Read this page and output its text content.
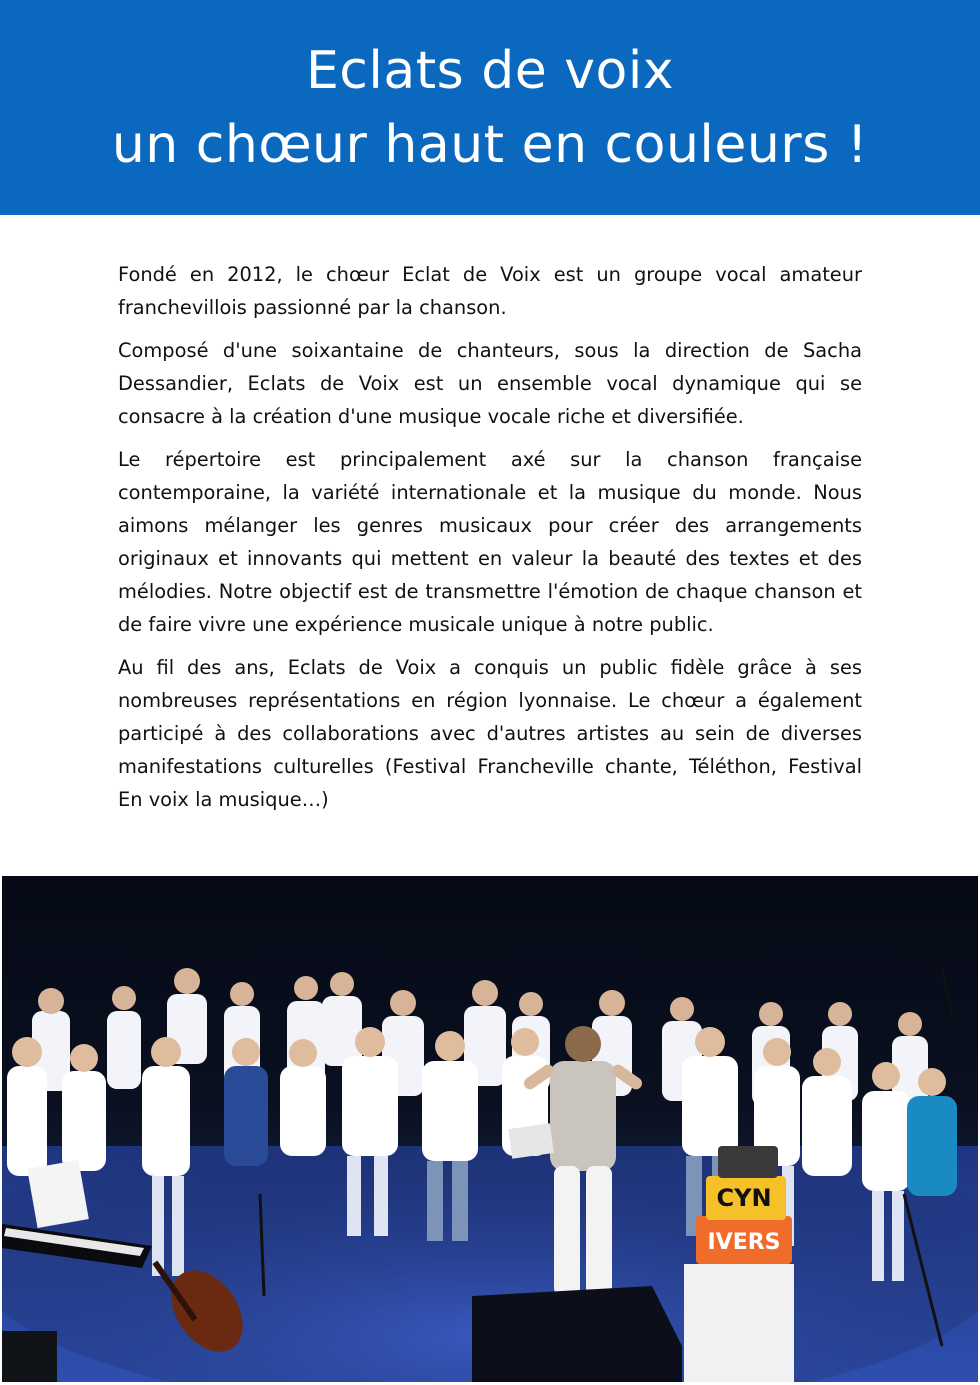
Eclats de voix
un chœur haut en couleurs !

Fondé en 2012, le chœur Eclat de Voix est un groupe vocal amateur franchevillois passionné par la chanson.

Composé d'une soixantaine de chanteurs, sous la direction de Sacha Dessandier, Eclats de Voix est un ensemble vocal dynamique qui se consacre à la création d'une musique vocale riche et diversifiée.

Le répertoire est principalement axé sur la chanson française contemporaine, la variété internationale et la musique du monde. Nous aimons mélanger les genres musicaux pour créer des arrangements originaux et innovants qui mettent en valeur la beauté des textes et des mélodies. Notre objectif est de transmettre l'émotion de chaque chanson et de faire vivre une expérience musicale unique à notre public.

Au fil des ans, Eclats de Voix a conquis un public fidèle grâce à ses nombreuses représentations en région lyonnaise. Le chœur a également participé à des collaborations avec d'autres artistes au sein de diverses manifestations culturelles (Festival Francheville chante, Téléthon, Festival En voix la musique…)

CYN
IVERS
